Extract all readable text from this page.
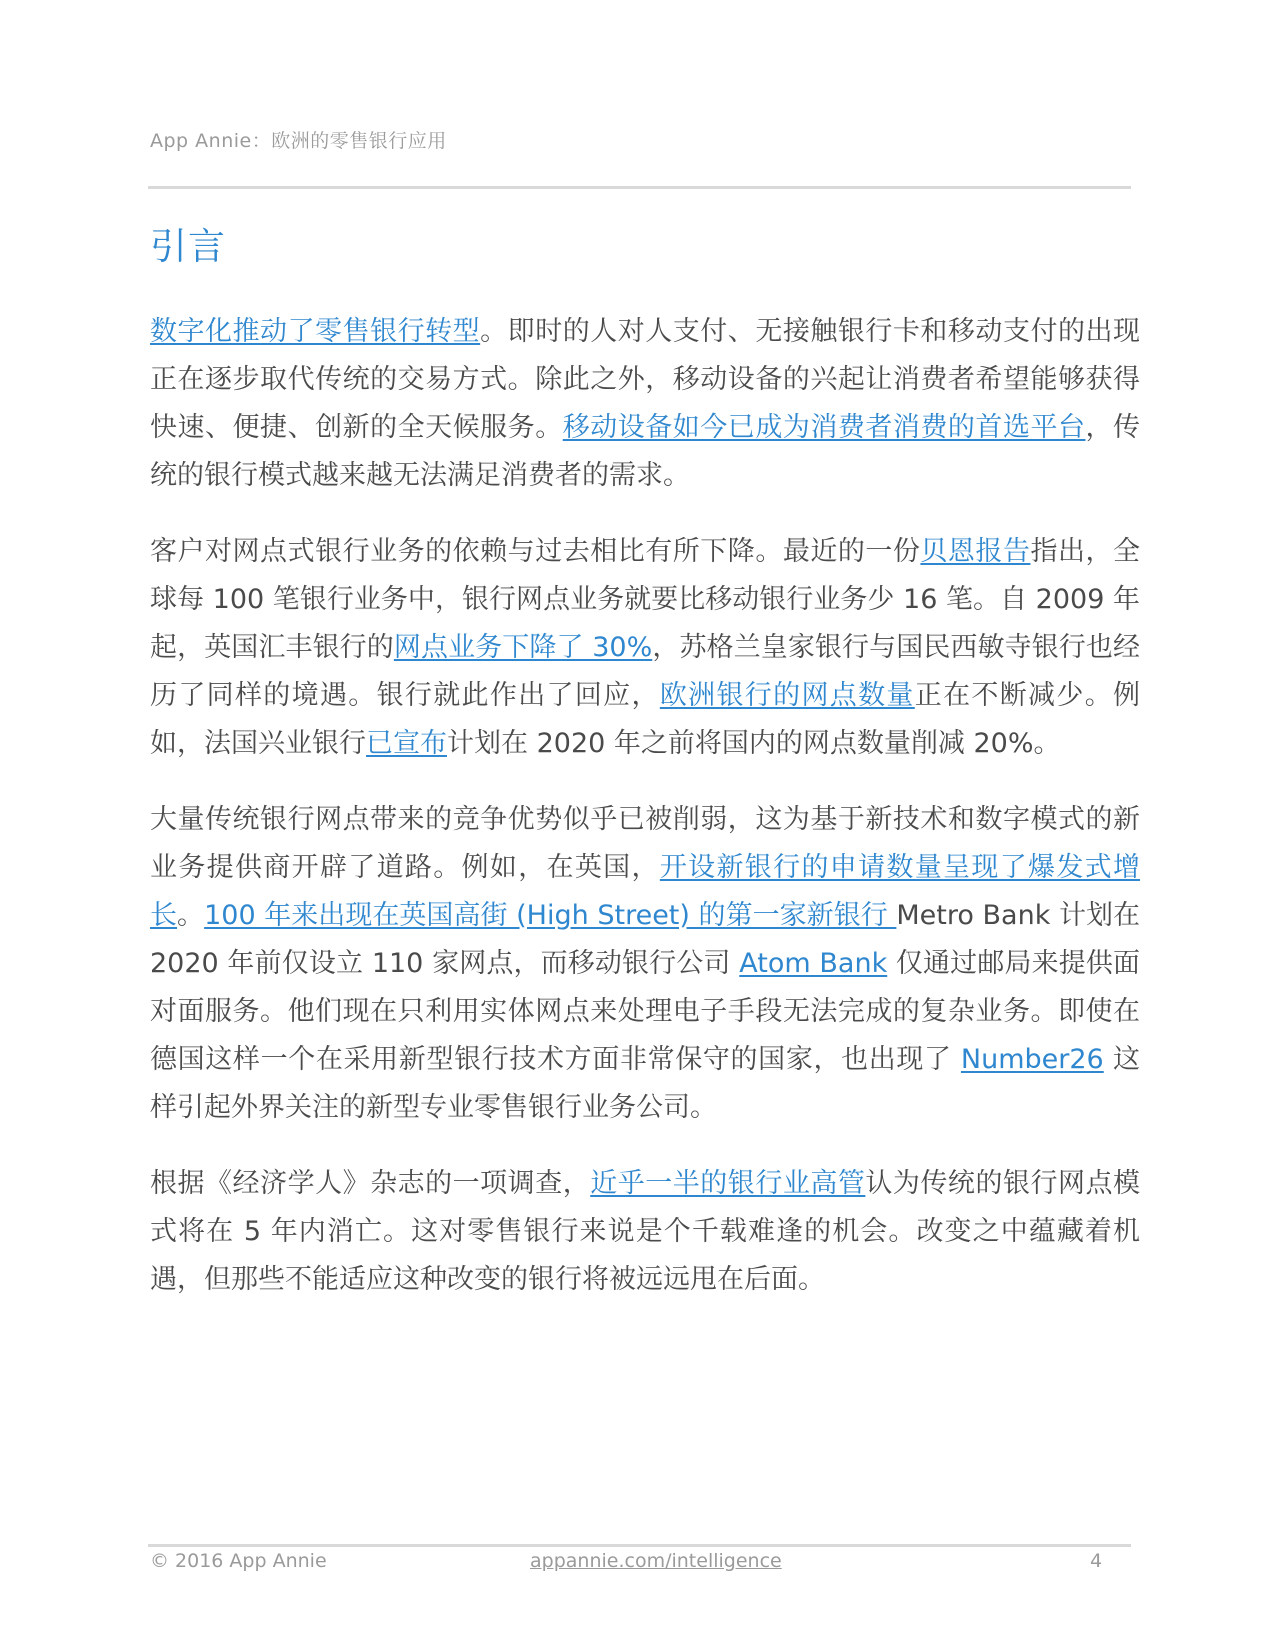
App Annie：欧洲的零售银行应用
引言

数字化推动了零售银行转型。即时的人对人支付、无接触银行卡和移动支付的出现正在逐步取代传统的交易方式。除此之外，移动设备的兴起让消费者希望能够获得快速、便捷、创新的全天候服务。移动设备如今已成为消费者消费的首选平台，传统的银行模式越来越无法满足消费者的需求。

客户对网点式银行业务的依赖与过去相比有所下降。最近的一份贝恩报告指出，全球每 100 笔银行业务中，银行网点业务就要比移动银行业务少 16 笔。自 2009 年起，英国汇丰银行的网点业务下降了 30%，苏格兰皇家银行与国民西敏寺银行也经历了同样的境遇。银行就此作出了回应，欧洲银行的网点数量正在不断减少。例如，法国兴业银行已宣布计划在 2020 年之前将国内的网点数量削减 20%。

大量传统银行网点带来的竞争优势似乎已被削弱，这为基于新技术和数字模式的新业务提供商开辟了道路。例如，在英国，开设新银行的申请数量呈现了爆发式增长。100 年来出现在英国高街 (High Street) 的第一家新银行 Metro Bank 计划在 2020 年前仅设立 110 家网点，而移动银行公司 Atom Bank 仅通过邮局来提供面对面服务。他们现在只利用实体网点来处理电子手段无法完成的复杂业务。即使在德国这样一个在采用新型银行技术方面非常保守的国家，也出现了 Number26 这样引起外界关注的新型专业零售银行业务公司。

根据《经济学人》杂志的一项调查，近乎一半的银行业高管认为传统的银行网点模式将在 5 年内消亡。这对零售银行来说是个千载难逢的机会。改变之中蕴藏着机遇，但那些不能适应这种改变的银行将被远远甩在后面。

© 2016 App Annie	appannie.com/intelligence	4
